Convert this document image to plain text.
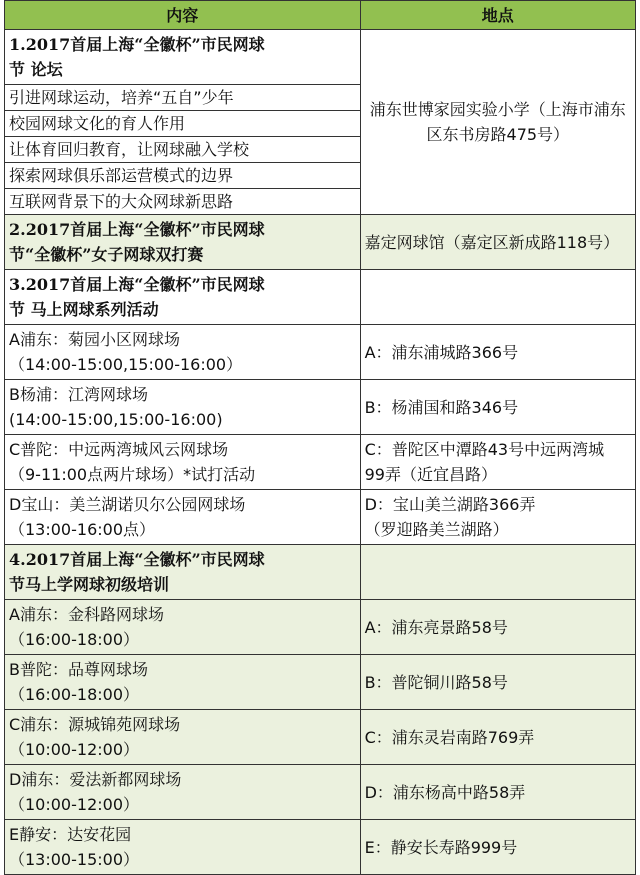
内容	地点

1.2017首届上海“全徽杯”市民网球
节 论坛	浦东世博家园实验小学（上海市浦东区东书房路475号）
引进网球运动，培养“五自”少年	
校园网球文化的育人作用	
让体育回归教育，让网球融入学校	
探索网球俱乐部运营模式的边界	
互联网背景下的大众网球新思路	

2.2017首届上海“全徽杯”市民网球
节“全徽杯”女子网球双打赛	嘉定网球馆（嘉定区新成路118号）

3.2017首届上海“全徽杯”市民网球
节 马上网球系列活动	

A浦东：菊园小区网球场
（14:00-15:00,15:00-16:00）	A：浦东浦城路366号

B杨浦：江湾网球场
(14:00-15:00,15:00-16:00)	B：杨浦国和路346号

C普陀：中远两湾城风云网球场
（9-11:00点两片球场）*试打活动	C：普陀区中潭路43号中远两湾城
99弄（近宜昌路）

D宝山：美兰湖诺贝尔公园网球场
（13:00-16:00点）	D：宝山美兰湖路366弄
（罗迎路美兰湖路）

4.2017首届上海“全徽杯”市民网球
节马上学网球初级培训	

A浦东：金科路网球场
（16:00-18:00）	A：浦东亮景路58号

B普陀：品尊网球场
（16:00-18:00）	B：普陀铜川路58号

C浦东：源城锦苑网球场
（10:00-12:00）	C：浦东灵岩南路769弄

D浦东：爱法新都网球场
（10:00-12:00）	D：浦东杨高中路58弄

E静安：达安花园
（13:00-15:00）	E：静安长寿路999号
